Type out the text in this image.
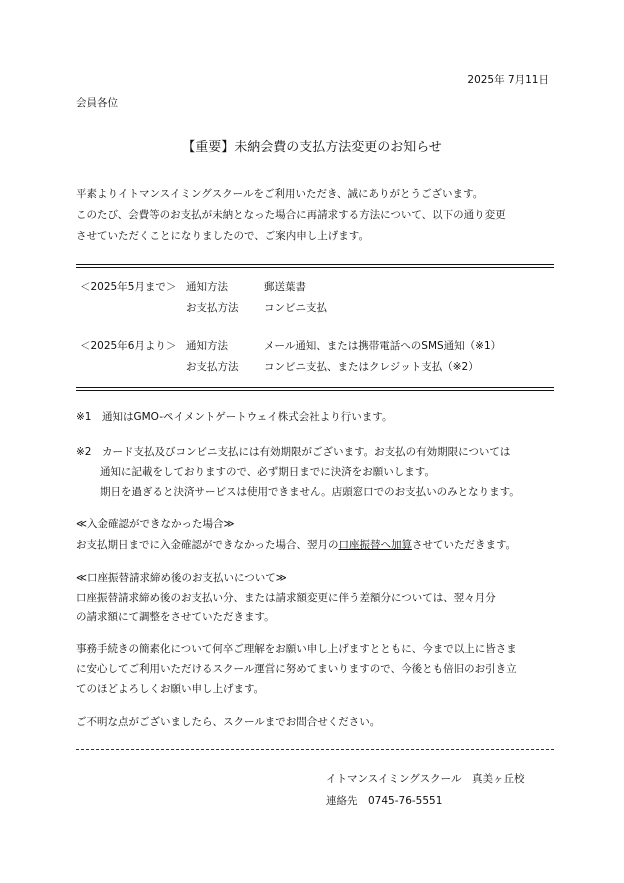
2025年 7月11日
会員各位
【重要】未納会費の支払方法変更のお知らせ
平素よりイトマンスイミングスクールをご利用いただき、誠にありがとうございます。
このたび、会費等のお支払が未納となった場合に再請求する方法について、以下の通り変更
させていただくことになりましたので、ご案内申し上げます。
＜2025年5月まで＞ 通知方法	郵送葉書
お支払方法 コンビニ支払
＜2025年6月より＞ 通知方法	メール通知、または携帯電話へのSMS通知（※1）
お支払方法 コンビニ支払、またはクレジット支払（※2）
※1　通知はGMO-ペイメントゲートウェイ株式会社より行います。
※2　カード支払及びコンビニ支払には有効期限がございます。お支払の有効期限については
通知に記載をしておりますので、必ず期日までに決済をお願いします。
期日を過ぎると決済サービスは使用できません。店頭窓口でのお支払いのみとなります。
≪入金確認ができなかった場合≫
お支払期日までに入金確認ができなかった場合、翌月の口座振替へ加算させていただきます。
≪口座振替請求締め後のお支払いについて≫
口座振替請求締め後のお支払い分、または請求額変更に伴う差額分については、翌々月分
の請求額にて調整をさせていただきます。
事務手続きの簡素化について何卒ご理解をお願い申し上げますとともに、今まで以上に皆さま
に安心してご利用いただけるスクール運営に努めてまいりますので、今後とも倍旧のお引き立
てのほどよろしくお願い申し上げます。
ご不明な点がございましたら、スクールまでお問合せください。
イトマンスイミングスクール　真美ヶ丘校
連絡先　0745-76-5551
